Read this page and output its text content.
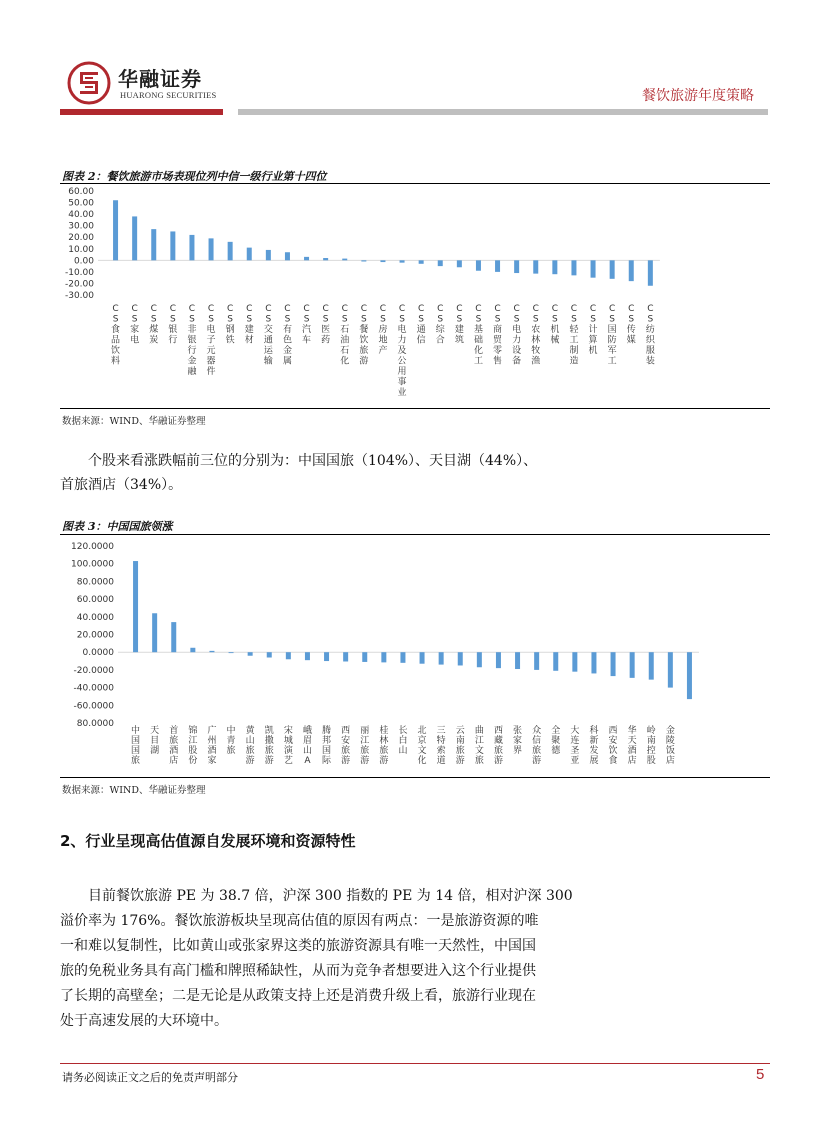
华融证券
HUARONG SECURITIES	餐饮旅游年度策略
图表 2：餐饮旅游市场表现位列中信一级行业第十四位
60.00
50.00
40.00
30.00
20.00
10.00
0.00
-10.00
-20.00
-30.00
C S 食品饮料
C S 家电
C S 煤炭
C S 银行
C S 非银行金融
C S 电子元器件
C S 钢铁
C S 建材
C S 交通运输
C S 有色金属
C S 汽车
C S 医药
C S 石油石化
C S 餐饮旅游
C S 房地产
C S 电力及公用事业
C S 通信
C S 综合
C S 建筑
C S 基础化工
C S 商贸零售
C S 电力设备
C S 农林牧渔
C S 机械
C S 轻工制造
C S 计算机
C S 国防军工
C S 传媒
C S 纺织服装
数据来源：WIND、华融证券整理
个股来看涨跌幅前三位的分别为：中国国旅（104%）、天目湖（44%）、
首旅酒店（34%）。
图表 3：中国国旅领涨
120.0000
100.0000
80.0000
60.0000
40.0000
20.0000
0.0000
-20.0000
-40.0000
-60.0000
80.0000
中国国旅
天目湖
首旅酒店
锦江股份
广州酒家
中青旅
黄山旅游
凯撒旅游
宋城演艺
峨眉山 A
腾邦国际
西安旅游
丽江旅游
桂林旅游
长白山
北京文化
三特索道
云南旅游
曲江文旅
西藏旅游
张家界
众信旅游
全聚德
大连圣亚
科新发展
西安饮食
华天酒店
岭南控股
金陵饭店
数据来源：WIND、华融证券整理
2、行业呈现高估值源自发展环境和资源特性
目前餐饮旅游 PE 为 38.7 倍，沪深 300 指数的 PE 为 14 倍，相对沪深 300
溢价率为 176%。餐饮旅游板块呈现高估值的原因有两点：一是旅游资源的唯
一和难以复制性，比如黄山或张家界这类的旅游资源具有唯一天然性，中国国
旅的免税业务具有高门槛和牌照稀缺性，从而为竞争者想要进入这个行业提供
了长期的高壁垒；二是无论是从政策支持上还是消费升级上看，旅游行业现在
处于高速发展的大环境中。
请务必阅读正文之后的免责声明部分	5
